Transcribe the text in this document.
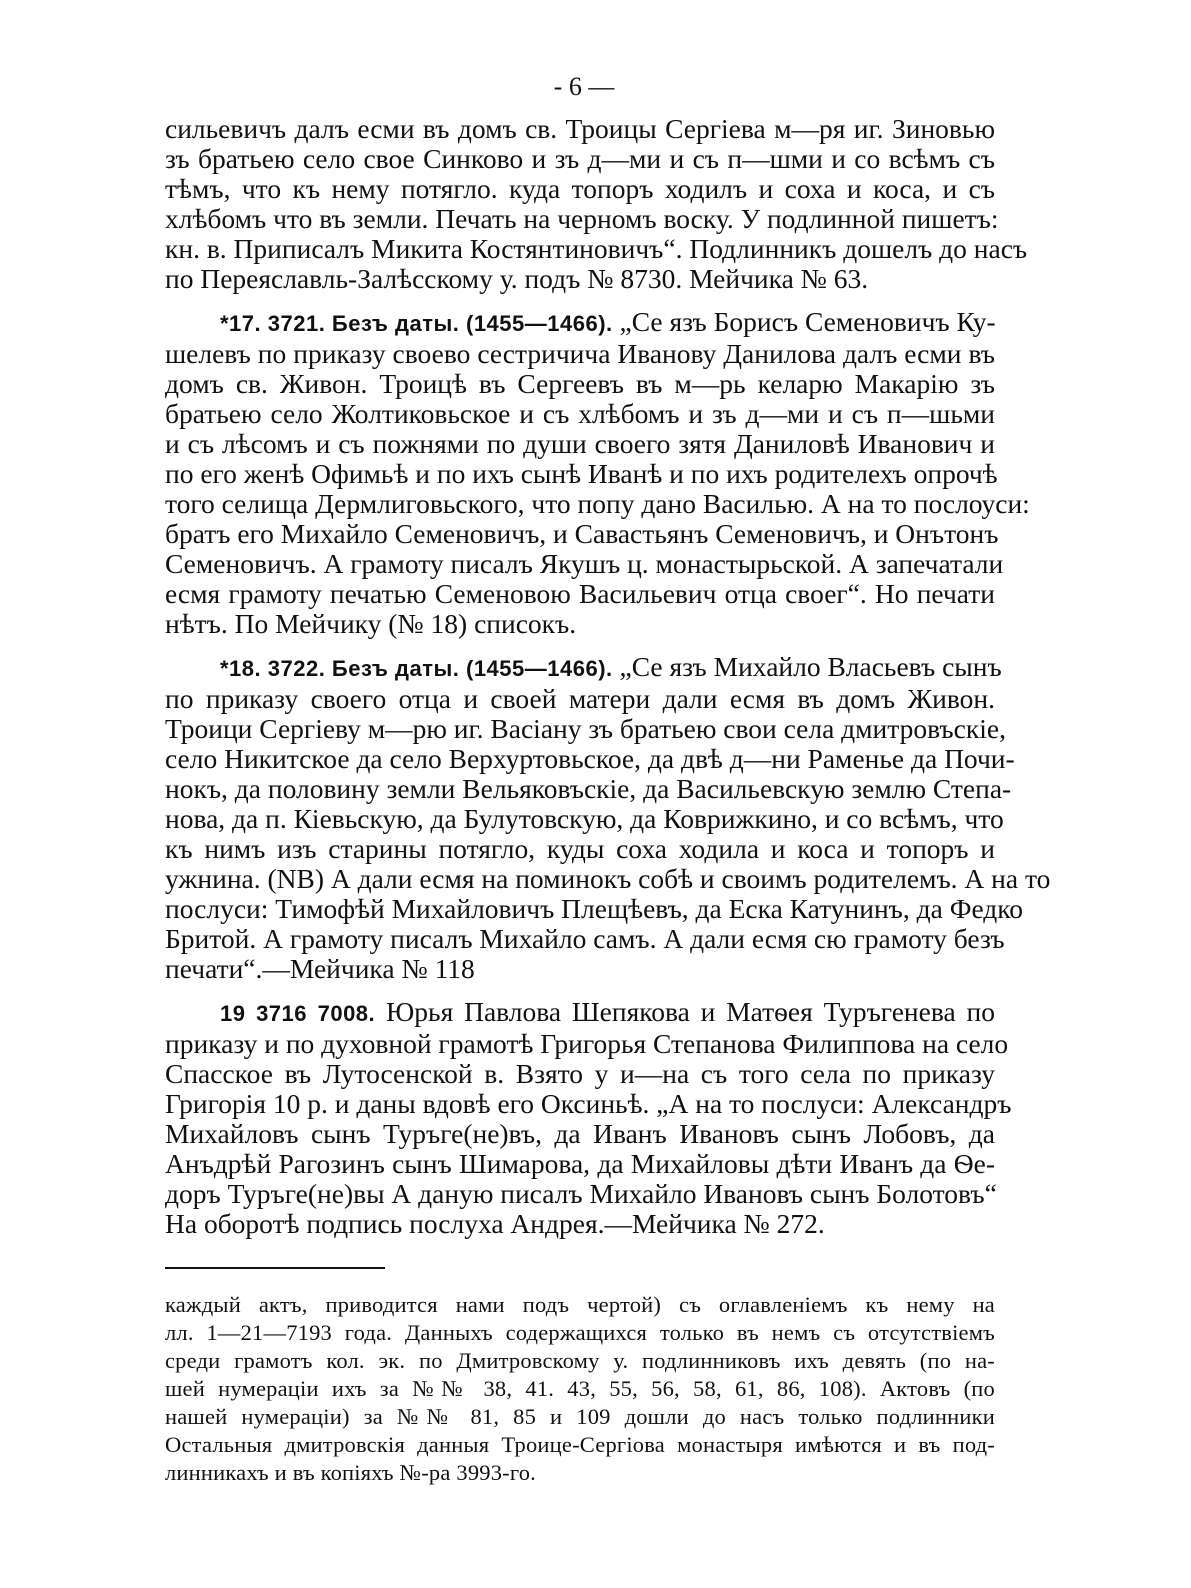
- 6 —
сильевичъ далъ есми въ домъ св. Троицы Сергіева м—ря иг. Зиновью
зъ братьею село свое Синково и зъ д—ми и съ п—шми и со всѣмъ съ
тѣмъ, что къ нему потягло. куда топоръ ходилъ и соха и коса, и съ
хлѣбомъ что въ земли. Печать на черномъ воску. У подлинной пишетъ:
кн. в. Приписалъ Микита Костянтиновичъ“. Подлинникъ дошелъ до насъ
по Переяславль-Залѣсскому у. подъ № 8730. Мейчика № 63.
*17. 3721. Безъ даты. (1455—1466). „Се язъ Борисъ Семеновичъ Ку-
шелевъ по приказу своево сестричича Иванову Данилова далъ есми въ
домъ св. Живон. Троицѣ въ Сергеевъ въ м—рь келарю Макарію зъ
братьею село Жолтиковьское и съ хлѣбомъ и зъ д—ми и съ п—шьми
и съ лѣсомъ и съ пожнями по души своего зятя Даниловѣ Иванович и
по его женѣ Офимьѣ и по ихъ сынѣ Иванѣ и по ихъ родителехъ опрочѣ
того селища Дермлиговьского, что попу дано Василью. А на то послоуси:
братъ его Михайло Семеновичъ, и Савастьянъ Семеновичъ, и Онътонъ
Семеновичъ. А грамоту писалъ Якушъ ц. монастырьской. А запечатали
есмя грамоту печатью Семеновою Васильевич отца своег“. Но печати
нѣтъ. По Мейчику (№ 18) списокъ.
*18. 3722. Безъ даты. (1455—1466). „Се язъ Михайло Власьевъ сынъ
по приказу своего отца и своей матери дали есмя въ домъ Живон.
Троици Сергіеву м—рю иг. Васіану зъ братьею свои села дмитровъскіе,
село Никитское да село Верхуртовьское, да двѣ д—ни Раменье да Почи-
нокъ, да половину земли Вельяковъскіе, да Васильевскую землю Степа-
нова, да п. Кіевьскую, да Булутовскую, да Коврижкино, и со всѣмъ, что
къ нимъ изъ старины потягло, куды соха ходила и коса и топоръ и
ужнина. (NВ) А дали есмя на поминокъ собѣ и своимъ родителемъ. А на то
послуси: Тимофѣй Михайловичъ Плещѣевъ, да Еска Катунинъ, да Федко
Бритой. А грамоту писалъ Михайло самъ. А дали есмя сю грамоту безъ
печати“.—Мейчика № 118
19 3716 7008. Юрья Павлова Шепякова и Матѳея Туръгенева по
приказу и по духовной грамотѣ Григорья Степанова Филиппова на село
Спасское въ Лутосенской в. Взято у и—на съ того села по приказу
Григорія 10 р. и даны вдовѣ его Оксиньѣ. „А на то послуси: Александръ
Михайловъ сынъ Туръге(не)въ, да Иванъ Ивановъ сынъ Лобовъ, да
Анъдрѣй Рагозинъ сынъ Шимарова, да Михайловы дѣти Иванъ да Ѳе-
доръ Туръге(не)вы А даную писалъ Михайло Ивановъ сынъ Болотовъ“
На оборотѣ подпись послуха Андрея.—Мейчика № 272.
каждый актъ, приводится нами подъ чертой) съ оглавленіемъ къ нему на
лл. 1—21—7193 года. Данныхъ содержащихся только въ немъ съ отсутствіемъ
среди грамотъ кол. эк. по Дмитровскому у. подлинниковъ ихъ девять (по на-
шей нумераціи ихъ за №№ 38, 41. 43, 55, 56, 58, 61, 86, 108). Актовъ (по
нашей нумераціи) за №№ 81, 85 и 109 дошли до насъ только подлинники
Остальныя дмитровскія данныя Троице-Сергіова монастыря имѣются и въ под-
линникахъ и въ копіяхъ №-ра 3993-го.
